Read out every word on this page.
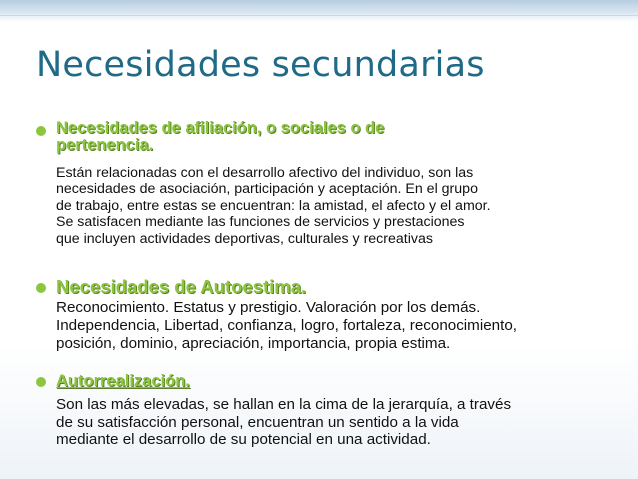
Necesidades secundarias

Necesidades de afiliación, o sociales o de
pertenencia.

Están relacionadas con el desarrollo afectivo del individuo, son las
necesidades de asociación, participación y aceptación. En el grupo
de trabajo, entre estas se encuentran: la amistad, el afecto y el amor.
Se satisfacen mediante las funciones de servicios y prestaciones
que incluyen actividades deportivas, culturales y recreativas

Necesidades de Autoestima.

Reconocimiento. Estatus y prestigio. Valoración por los demás.
Independencia, Libertad, confianza, logro, fortaleza, reconocimiento,
posición, dominio, apreciación, importancia, propia estima.

Autorrealización.

Son las más elevadas, se hallan en la cima de la jerarquía, a través
de su satisfacción personal, encuentran un sentido a la vida
mediante el desarrollo de su potencial en una actividad.
